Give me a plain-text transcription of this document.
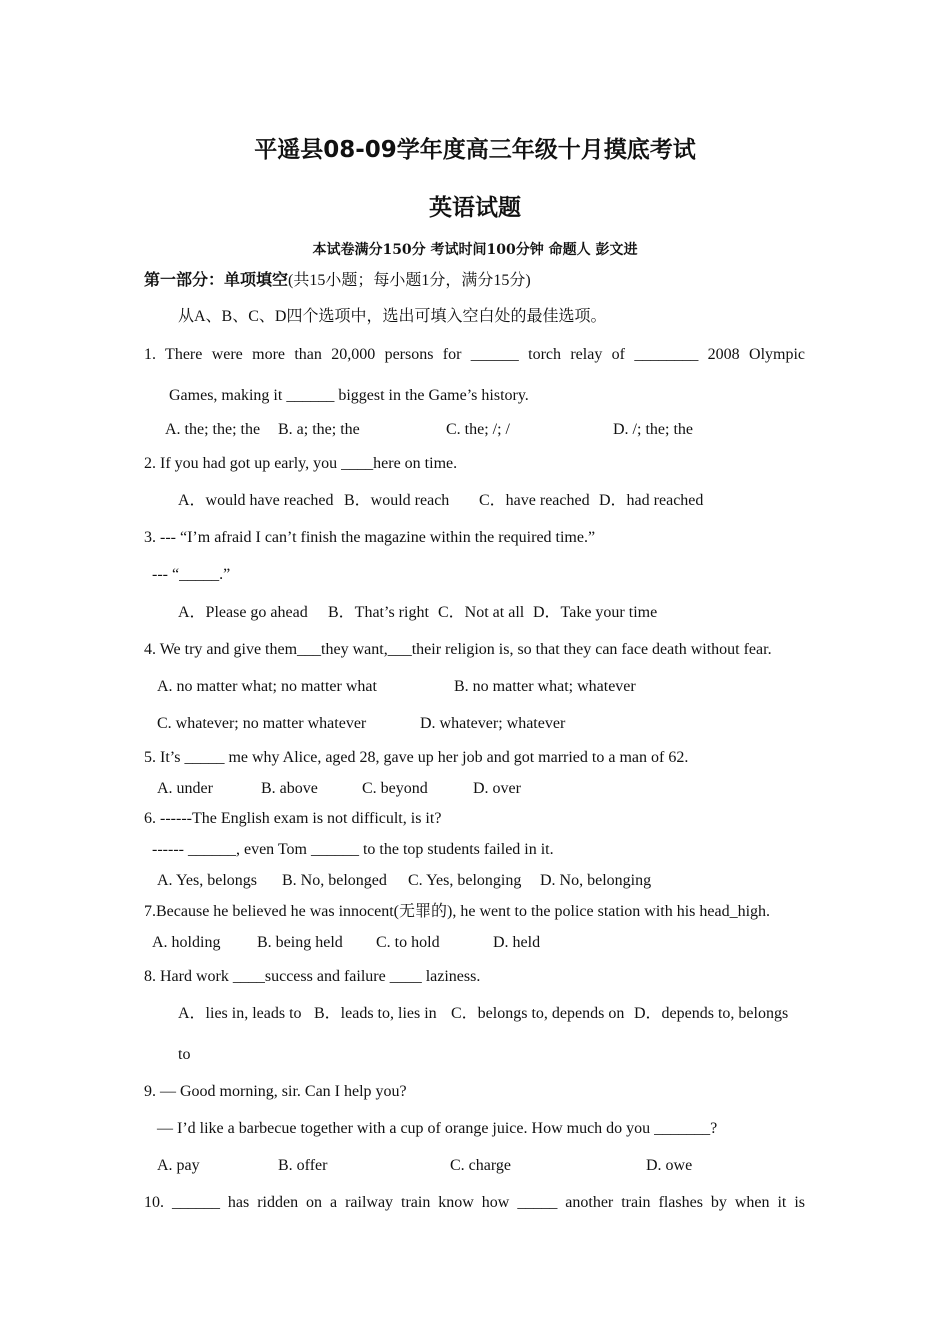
平遥县08-09学年度高三年级十月摸底考试
英语试题
本试卷满分150分 考试时间100分钟 命题人 彭文进
第一部分：单项填空(共15小题；每小题1分，满分15分)
从A、B、C、D四个选项中，选出可填入空白处的最佳选项。
1. There were more than 20,000 persons for ______ torch relay of ________ 2008 Olympic
Games, making it ______ biggest in the Game’s history.
A. the; the; the B. a; the; the	C. the; /; /	D. /; the; the
2. If you had got up early, you ____here on time.
A．would have reached B．would reach C．have reached D．had reached
3. --- “I’m afraid I can’t finish the magazine within the required time.”
--- “_____.”
A．Please go ahead B．That’s right C．Not at all D．Take your time
4. We try and give them___they want,___their religion is, so that they can face death without fear.
A. no matter what; no matter what	B. no matter what; whatever
C. whatever; no matter whatever	D. whatever; whatever
5. It’s _____ me why Alice, aged 28, gave up her job and got married to a man of 62.
A. under	B. above	C. beyond	D. over
6. ------The English exam is not difficult, is it?
------ ______, even Tom ______ to the top students failed in it.
A. Yes, belongs B. No, belonged C. Yes, belonging D. No, belonging
7.Because he believed he was innocent(无罪的), he went to the police station with his head_high.
A. holding B. being held C. to hold	D. held
8. Hard work ____success and failure ____ laziness.
A．lies in, leads to B．leads to, lies in C．belongs to, depends on D．depends to, belongs
to
9. — Good morning, sir. Can I help you?
— I’d like a barbecue together with a cup of orange juice. How much do you _______?
A. pay	B. offer	C. charge	D. owe
10. ______ has ridden on a railway train know how _____ another train flashes by when it is
